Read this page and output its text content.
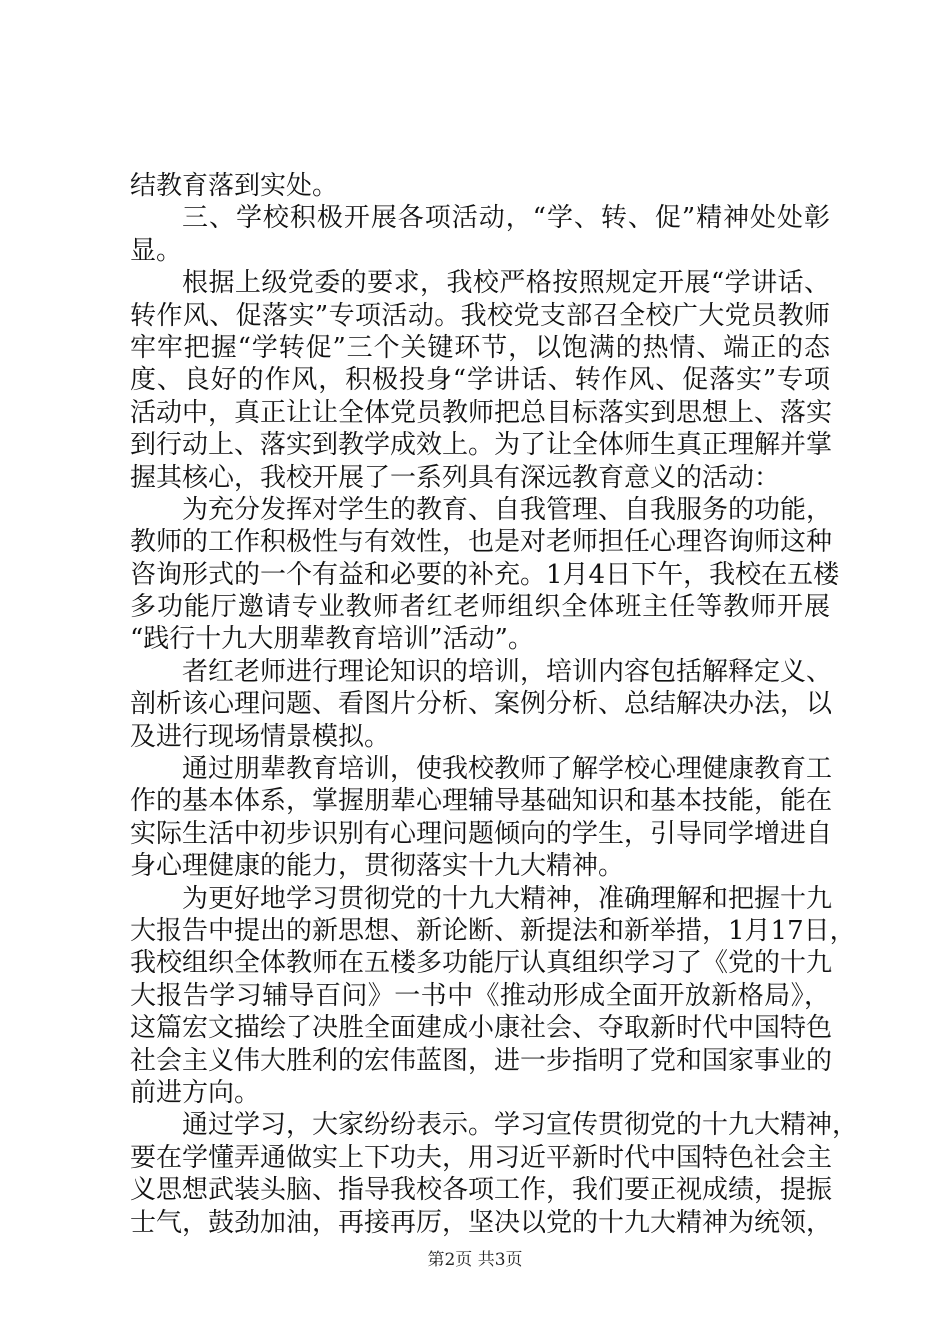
结教育落到实处。
三、学校积极开展各项活动，“学、转、促”精神处处彰
显。
根据上级党委的要求，我校严格按照规定开展“学讲话、
转作风、促落实”专项活动。我校党支部召全校广大党员教师
牢牢把握“学转促”三个关键环节，以饱满的热情、端正的态
度、良好的作风，积极投身“学讲话、转作风、促落实”专项
活动中，真正让让全体党员教师把总目标落实到思想上、落实
到行动上、落实到教学成效上。为了让全体师生真正理解并掌
握其核心，我校开展了一系列具有深远教育意义的活动：
为充分发挥对学生的教育、自我管理、自我服务的功能，
教师的工作积极性与有效性，也是对老师担任心理咨询师这种
咨询形式的一个有益和必要的补充。1月4日下午，我校在五楼
多功能厅邀请专业教师者红老师组织全体班主任等教师开展
“践行十九大朋辈教育培训”活动”。
者红老师进行理论知识的培训，培训内容包括解释定义、
剖析该心理问题、看图片分析、案例分析、总结解决办法，以
及进行现场情景模拟。
通过朋辈教育培训，使我校教师了解学校心理健康教育工
作的基本体系，掌握朋辈心理辅导基础知识和基本技能，能在
实际生活中初步识别有心理问题倾向的学生，引导同学增进自
身心理健康的能力，贯彻落实十九大精神。
为更好地学习贯彻党的十九大精神，准确理解和把握十九
大报告中提出的新思想、新论断、新提法和新举措，1月17日，
我校组织全体教师在五楼多功能厅认真组织学习了《党的十九
大报告学习辅导百问》一书中《推动形成全面开放新格局》，
这篇宏文描绘了决胜全面建成小康社会、夺取新时代中国特色
社会主义伟大胜利的宏伟蓝图，进一步指明了党和国家事业的
前进方向。
通过学习，大家纷纷表示。学习宣传贯彻党的十九大精神，
要在学懂弄通做实上下功夫，用习近平新时代中国特色社会主
义思想武装头脑、指导我校各项工作，我们要正视成绩，提振
士气，鼓劲加油，再接再厉，坚决以党的十九大精神为统领，
第2页 共3页
